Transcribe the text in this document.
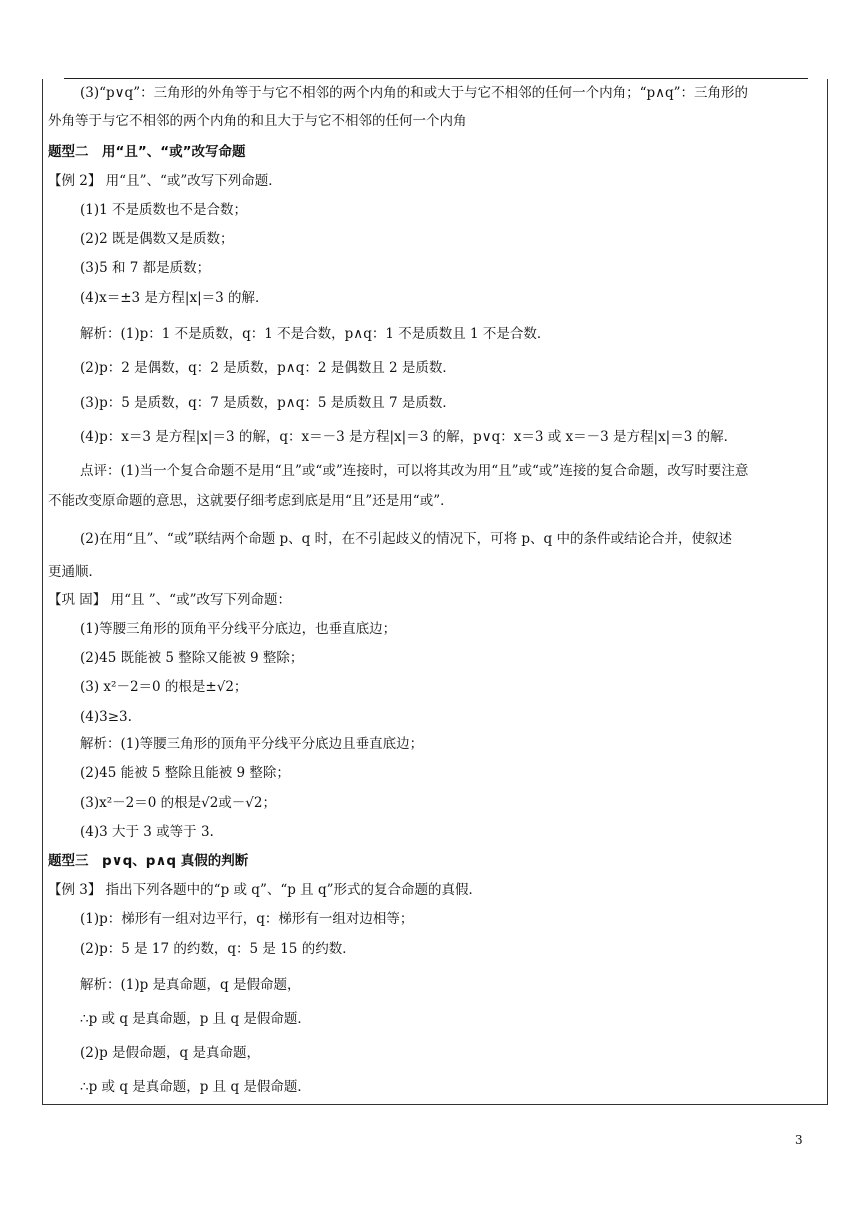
(3)“p∨q”：三角形的外角等于与它不相邻的两个内角的和或大于与它不相邻的任何一个内角；“p∧q”：三角形的
外角等于与它不相邻的两个内角的和且大于与它不相邻的任何一个内角
题型二　用“且”、“或”改写命题
【例 2】 用“且”、“或”改写下列命题．
(1)1 不是质数也不是合数；
(2)2 既是偶数又是质数；
(3)5 和 7 都是质数；
(4)x＝±3 是方程|x|＝3 的解．
解析：(1)p：1 不是质数，q：1 不是合数，p∧q：1 不是质数且 1 不是合数．
(2)p：2 是偶数，q：2 是质数，p∧q：2 是偶数且 2 是质数．
(3)p：5 是质数，q：7 是质数，p∧q：5 是质数且 7 是质数．
(4)p：x＝3 是方程|x|＝3 的解，q：x＝－3 是方程|x|＝3 的解，p∨q：x＝3 或 x＝－3 是方程|x|＝3 的解．
点评：(1)当一个复合命题不是用“且”或“或”连接时，可以将其改为用“且”或“或”连接的复合命题，改写时要注意
不能改变原命题的意思，这就要仔细考虑到底是用“且”还是用“或”．
(2)在用“且”、“或”联结两个命题 p、q 时，在不引起歧义的情况下，可将 p、q 中的条件或结论合并，使叙述
更通顺．
【巩 固】 用“且 ”、“或”改写下列命题：
(1)等腰三角形的顶角平分线平分底边，也垂直底边；
(2)45 既能被 5 整除又能被 9 整除；
(3) x²－2＝0 的根是±√2；
(4)3≥3.
解析：(1)等腰三角形的顶角平分线平分底边且垂直底边；
(2)45 能被 5 整除且能被 9 整除；
(3)x²－2＝0 的根是√2或－√2；
(4)3 大于 3 或等于 3.
题型三　p∨q、p∧q 真假的判断
【例 3】 指出下列各题中的“p 或 q”、“p 且 q”形式的复合命题的真假．
(1)p：梯形有一组对边平行，q：梯形有一组对边相等；
(2)p：5 是 17 的约数，q：5 是 15 的约数．
解析：(1)p 是真命题，q 是假命题，
∴p 或 q 是真命题，p 且 q 是假命题．
(2)p 是假命题，q 是真命题，
∴p 或 q 是真命题，p 且 q 是假命题．
3
